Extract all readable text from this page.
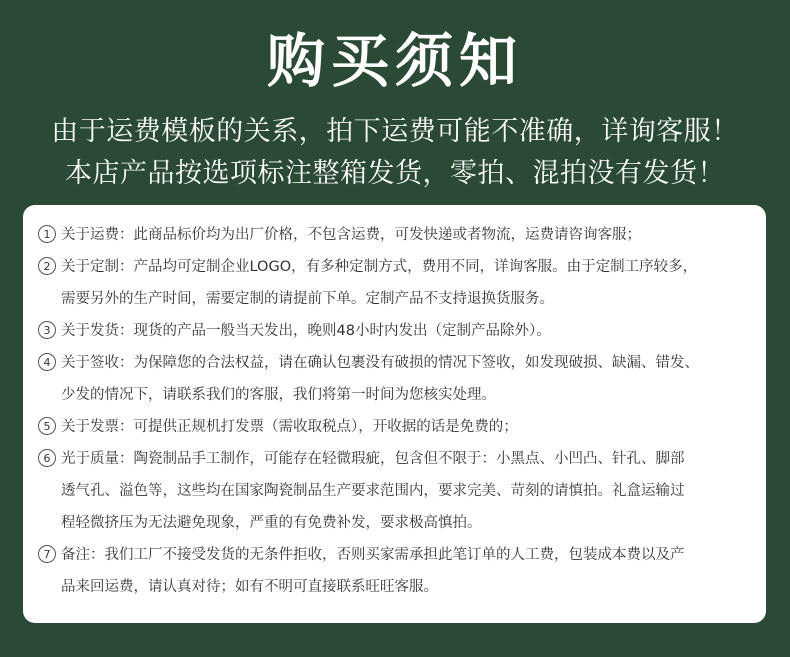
购买须知
由于运费模板的关系，拍下运费可能不准确，详询客服！
本店产品按选项标注整箱发货，零拍、混拍没有发货！
1 关于运费：此商品标价均为出厂价格，不包含运费，可发快递或者物流，运费请咨询客服；
2 关于定制：产品均可定制企业LOGO，有多种定制方式，费用不同，详询客服。由于定制工序较多，
需要另外的生产时间，需要定制的请提前下单。定制产品不支持退换货服务。
3 关于发货：现货的产品一般当天发出，晚则48小时内发出（定制产品除外）。
4 关于签收：为保障您的合法权益，请在确认包裹没有破损的情况下签收，如发现破损、缺漏、错发、
少发的情况下，请联系我们的客服，我们将第一时间为您核实处理。
5 关于发票：可提供正规机打发票（需收取税点），开收据的话是免费的；
6 光于质量：陶瓷制品手工制作，可能存在轻微瑕疵，包含但不限于：小黑点、小凹凸、针孔、脚部
透气孔、溢色等，这些均在国家陶瓷制品生产要求范围内，要求完美、苛刻的请慎拍。礼盒运输过
程轻微挤压为无法避免现象，严重的有免费补发，要求极高慎拍。
7 备注：我们工厂不接受发货的无条件拒收，否则买家需承担此笔订单的人工费，包装成本费以及产
品来回运费，请认真对待；如有不明可直接联系旺旺客服。
